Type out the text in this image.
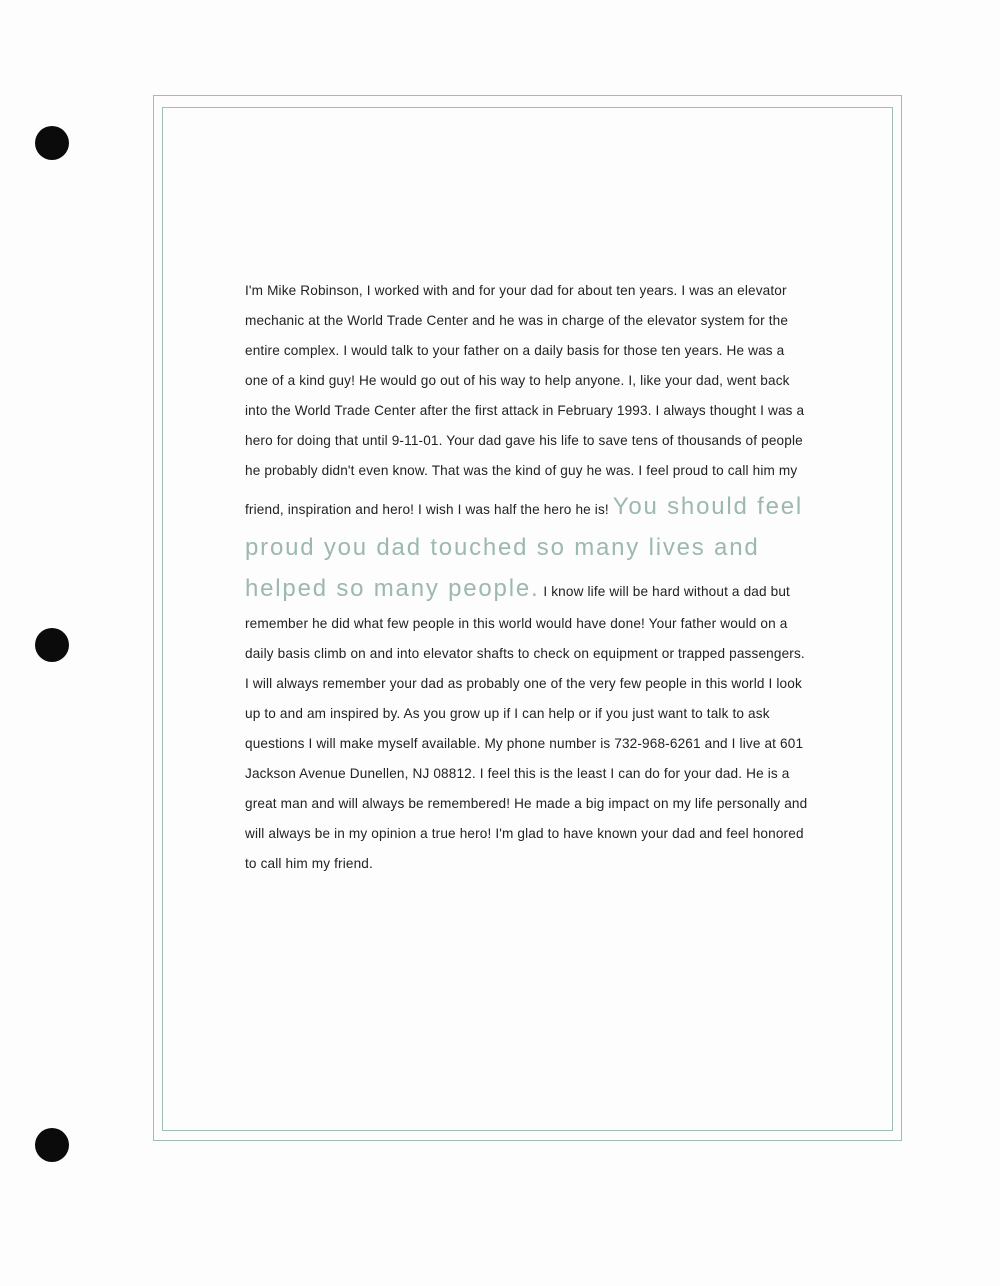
I'm Mike Robinson, I worked with and for your dad for about ten years. I was an elevator mechanic at the World Trade Center and he was in charge of the elevator system for the entire complex. I would talk to your father on a daily basis for those ten years. He was a one of a kind guy! He would go out of his way to help anyone. I, like your dad, went back into the World Trade Center after the first attack in February 1993. I always thought I was a hero for doing that until 9-11-01. Your dad gave his life to save tens of thousands of people he probably didn't even know. That was the kind of guy he was. I feel proud to call him my friend, inspiration and hero! I wish I was half the hero he is! You should feel proud you dad touched so many lives and helped so many people. I know life will be hard without a dad but remember he did what few people in this world would have done! Your father would on a daily basis climb on and into elevator shafts to check on equipment or trapped passengers. I will always remember your dad as probably one of the very few people in this world I look up to and am inspired by. As you grow up if I can help or if you just want to talk to ask questions I will make myself available. My phone number is 732-968-6261 and I live at 601 Jackson Avenue Dunellen, NJ 08812. I feel this is the least I can do for your dad. He is a great man and will always be remembered! He made a big impact on my life personally and will always be in my opinion a true hero! I'm glad to have known your dad and feel honored to call him my friend.
